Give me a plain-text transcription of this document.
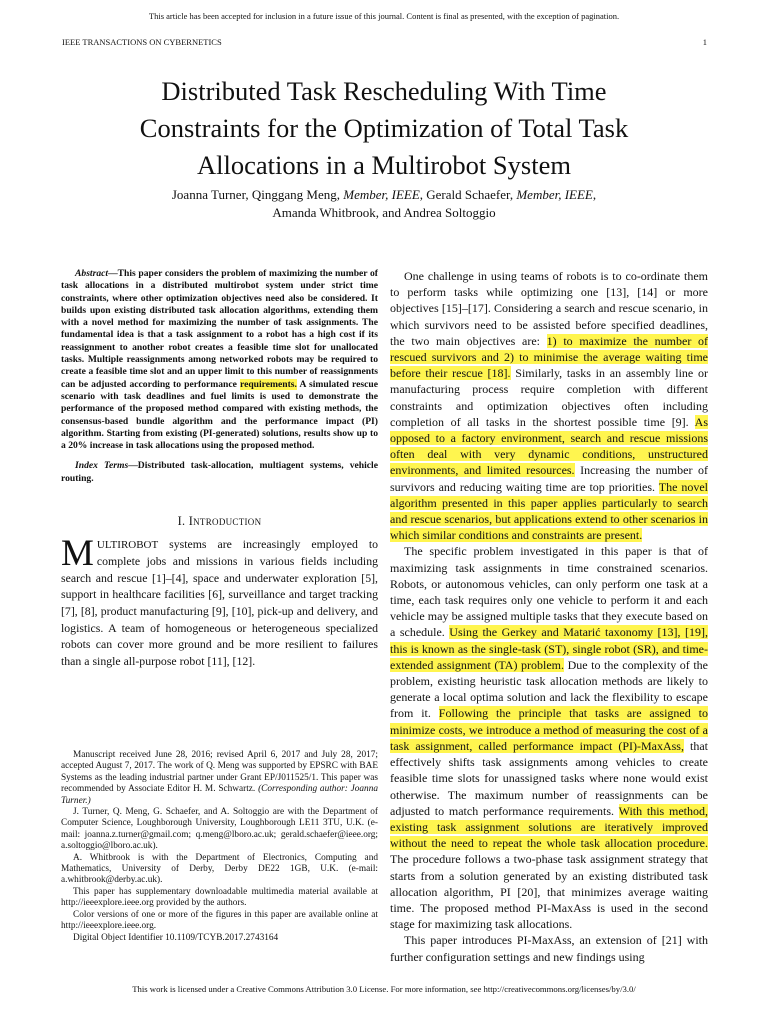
This article has been accepted for inclusion in a future issue of this journal. Content is final as presented, with the exception of pagination.
IEEE TRANSACTIONS ON CYBERNETICS	1
Distributed Task Rescheduling With Time
Constraints for the Optimization of Total Task
Allocations in a Multirobot System
Joanna Turner, Qinggang Meng, Member, IEEE, Gerald Schaefer, Member, IEEE,
Amanda Whitbrook, and Andrea Soltoggio

Abstract—This paper considers the problem of maximizing the number of task allocations in a distributed multirobot system under strict time constraints, where other optimization objectives need also be considered. It builds upon existing distributed task allocation algorithms, extending them with a novel method for maximizing the number of task assignments. The fundamental idea is that a task assignment to a robot has a high cost if its reassignment to another robot creates a feasible time slot for unallocated tasks. Multiple reassignments among networked robots may be required to create a feasible time slot and an upper limit to this number of reassignments can be adjusted according to performance requirements. A simulated rescue scenario with task deadlines and fuel limits is used to demonstrate the performance of the proposed method compared with existing methods, the consensus-based bundle algorithm and the performance impact (PI) algorithm. Starting from existing (PI-generated) solutions, results show up to a 20% increase in task allocations using the proposed method.

Index Terms—Distributed task-allocation, multiagent systems, vehicle routing.

I. Introduction

MULTIROBOT systems are increasingly employed to complete jobs and missions in various fields including search and rescue [1]–[4], space and underwater exploration [5], support in healthcare facilities [6], surveillance and target tracking [7], [8], product manufacturing [9], [10], pick-up and delivery, and logistics. A team of homogeneous or heterogeneous specialized robots can cover more ground and be more resilient to failures than a single all-purpose robot [11], [12].

Manuscript received June 28, 2016; revised April 6, 2017 and July 28, 2017; accepted August 7, 2017. The work of Q. Meng was supported by EPSRC with BAE Systems as the leading industrial partner under Grant EP/J011525/1. This paper was recommended by Associate Editor H. M. Schwartz. (Corresponding author: Joanna Turner.)

J. Turner, Q. Meng, G. Schaefer, and A. Soltoggio are with the Department of Computer Science, Loughborough University, Loughborough LE11 3TU, U.K. (e-mail: joanna.z.turner@gmail.com; q.meng@lboro.ac.uk; gerald.schaefer@ieee.org; a.soltoggio@lboro.ac.uk).

A. Whitbrook is with the Department of Electronics, Computing and Mathematics, University of Derby, Derby DE22 1GB, U.K. (e-mail: a.whitbrook@derby.ac.uk).

This paper has supplementary downloadable multimedia material available at http://ieeexplore.ieee.org provided by the authors.

Color versions of one or more of the figures in this paper are available online at http://ieeexplore.ieee.org.

Digital Object Identifier 10.1109/TCYB.2017.2743164

One challenge in using teams of robots is to co-ordinate them to perform tasks while optimizing one [13], [14] or more objectives [15]–[17]. Considering a search and rescue scenario, in which survivors need to be assisted before specified deadlines, the two main objectives are: 1) to maximize the number of rescued survivors and 2) to minimise the average waiting time before their rescue [18]. Similarly, tasks in an assembly line or manufacturing process require completion with different constraints and optimization objectives often including completion of all tasks in the shortest possible time [9]. As opposed to a factory environment, search and rescue missions often deal with very dynamic conditions, unstructured environments, and limited resources. Increasing the number of survivors and reducing waiting time are top priorities. The novel algorithm presented in this paper applies particularly to search and rescue scenarios, but applications extend to other scenarios in which similar conditions and constraints are present.

The specific problem investigated in this paper is that of maximizing task assignments in time constrained scenarios. Robots, or autonomous vehicles, can only perform one task at a time, each task requires only one vehicle to perform it and each vehicle may be assigned multiple tasks that they execute based on a schedule. Using the Gerkey and Matarić taxonomy [13], [19], this is known as the single-task (ST), single robot (SR), and time-extended assignment (TA) problem. Due to the complexity of the problem, existing heuristic task allocation methods are likely to generate a local optima solution and lack the flexibility to escape from it. Following the principle that tasks are assigned to minimize costs, we introduce a method of measuring the cost of a task assignment, called performance impact (PI)-MaxAss, that effectively shifts task assignments among vehicles to create feasible time slots for unassigned tasks where none would exist otherwise. The maximum number of reassignments can be adjusted to match performance requirements. With this method, existing task assignment solutions are iteratively improved without the need to repeat the whole task allocation procedure. The procedure follows a two-phase task assignment strategy that starts from a solution generated by an existing distributed task allocation algorithm, PI [20], that minimizes average waiting time. The proposed method PI-MaxAss is used in the second stage for maximizing task allocations.

This paper introduces PI-MaxAss, an extension of [21] with further configuration settings and new findings using

This work is licensed under a Creative Commons Attribution 3.0 License. For more information, see http://creativecommons.org/licenses/by/3.0/
